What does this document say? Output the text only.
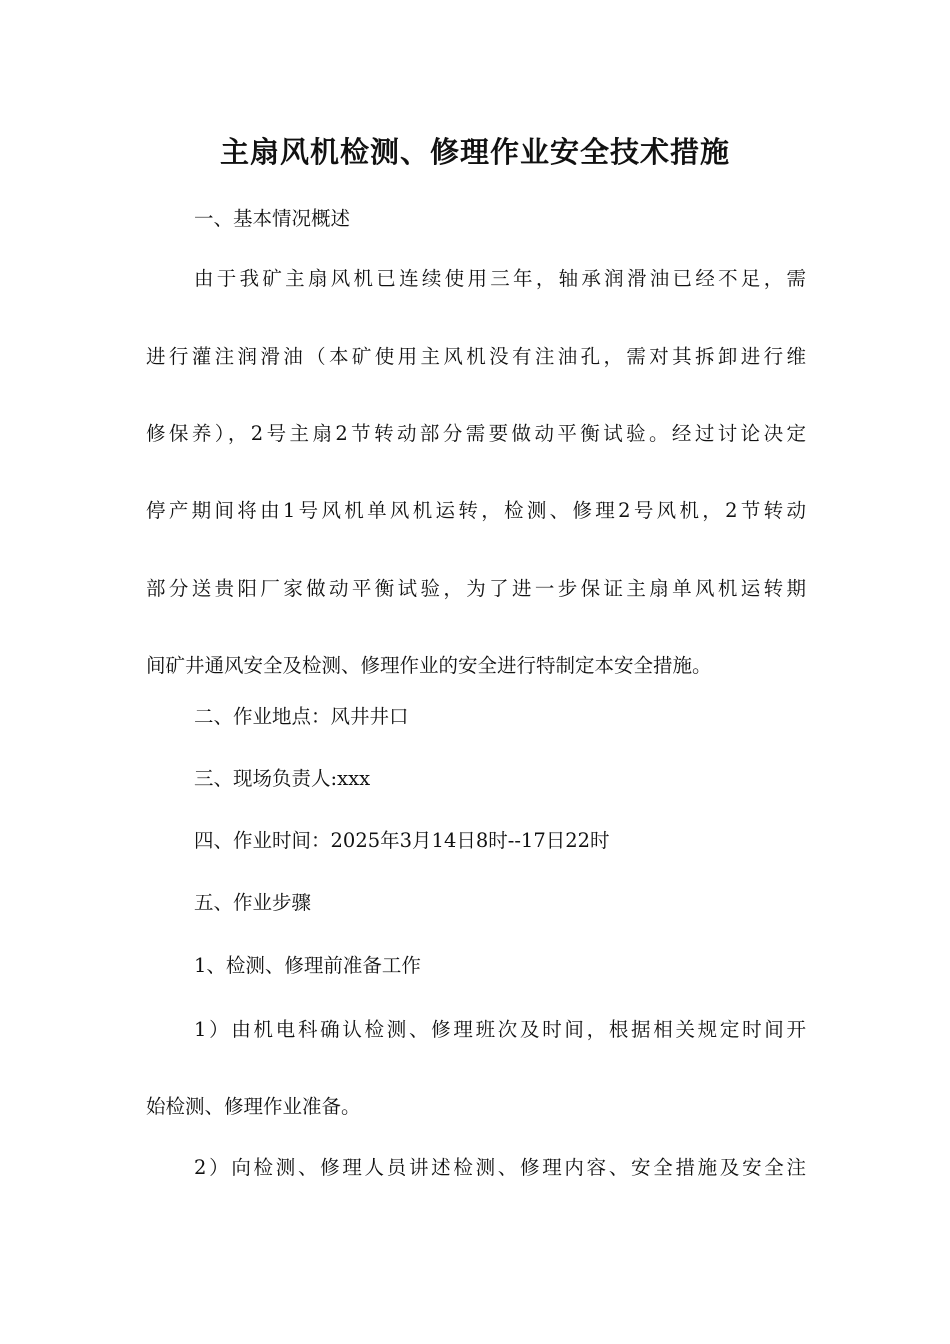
主扇风机检测、修理作业安全技术措施
一、基本情况概述
由于我矿主扇风机已连续使用三年，轴承润滑油已经不足，需
进行灌注润滑油（本矿使用主风机没有注油孔，需对其拆卸进行维
修保养），2号主扇2节转动部分需要做动平衡试验。经过讨论决定
停产期间将由1号风机单风机运转，检测、修理2号风机，2节转动
部分送贵阳厂家做动平衡试验，为了进一步保证主扇单风机运转期
间矿井通风安全及检测、修理作业的安全进行特制定本安全措施。
二、作业地点：风井井口
三、现场负责人:xxx
四、作业时间：2025年3月14日8时--17日22时
五、作业步骤
1、检测、修理前准备工作
1）由机电科确认检测、修理班次及时间，根据相关规定时间开
始检测、修理作业准备。
2）向检测、修理人员讲述检测、修理内容、安全措施及安全注
